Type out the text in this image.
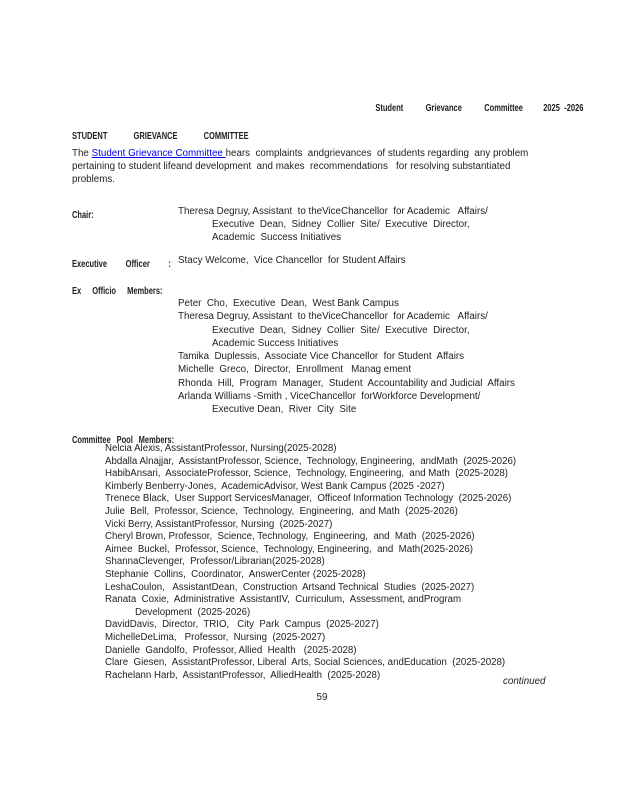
Student Grievance Committee 2025 -2026
STUDENT GRIEVANCE COMMITTEE
The Student Grievance Committee hears  complaints  andgrievances  of students regarding  any problem
pertaining to student lifeand development  and makes  recommendations   for resolving substantiated
problems.
Chair:	Theresa Degruy, Assistant  to theViceChancellor  for Academic   Affairs/
Executive  Dean,  Sidney  Collier  Site/  Executive  Director,
Academic  Success Initiatives
Executive Officer : Stacy Welcome,  Vice Chancellor  for Student Affairs
Ex Officio Members:
Peter  Cho,  Executive  Dean,  West Bank Campus
Theresa Degruy, Assistant  to theViceChancellor  for Academic   Affairs/
Executive  Dean,  Sidney  Collier  Site/  Executive  Director,
Academic Success Initiatives
Tamika  Duplessis,  Associate Vice Chancellor  for Student  Affairs
Michelle  Greco,  Director,  Enrollment   Manag ement
Rhonda  Hill,  Program  Manager,  Student  Accountability and Judicial  Affairs
Arlanda Williams -Smith , ViceChancellor  forWorkforce Development/
Executive Dean,  River  City  Site
Committee Pool Members:
Nelcia Alexis, AssistantProfessor, Nursing(2025-2028)
Abdalla Alnajjar,  AssistantProfessor, Science,  Technology, Engineering,  andMath  (2025-2026)
HabibAnsari,  AssociateProfessor, Science,  Technology, Engineering,  and Math  (2025-2028)
Kimberly Benberry-Jones,  AcademicAdvisor, West Bank Campus (2025 -2027)
Trenece Black,  User Support ServicesManager,  Officeof Information Technology  (2025-2026)
Julie  Bell,  Professor, Science,  Technology,  Engineering,  and Math  (2025-2026)
Vicki Berry, AssistantProfessor, Nursing  (2025-2027)
Cheryl Brown, Professor,  Science, Technology,  Engineering,  and  Math  (2025-2026)
Aimee  Buckel,  Professor, Science,  Technology, Engineering,  and  Math(2025-2026)
ShannaClevenger,  Professor/Librarian(2025-2028)
Stephanie  Collins,  Coordinator,  AnswerCenter (2025-2028)
LeshaCoulon,   AssistantDean,  Construction  Artsand Technical  Studies  (2025-2027)
Ranata  Coxie,  Administrative  AssistantIV,  Curriculum,  Assessment, andProgram
Development  (2025-2026)
DavidDavis,  Director,  TRIO,   City  Park  Campus  (2025-2027)
MichelleDeLima,   Professor,  Nursing  (2025-2027)
Danielle  Gandolfo,  Professor, Allied  Health   (2025-2028)
Clare  Giesen,  AssistantProfessor, Liberal  Arts, Social Sciences, andEducation  (2025-2028)
Rachelann Harb,  AssistantProfessor,  AlliedHealth  (2025-2028)
continued
59
